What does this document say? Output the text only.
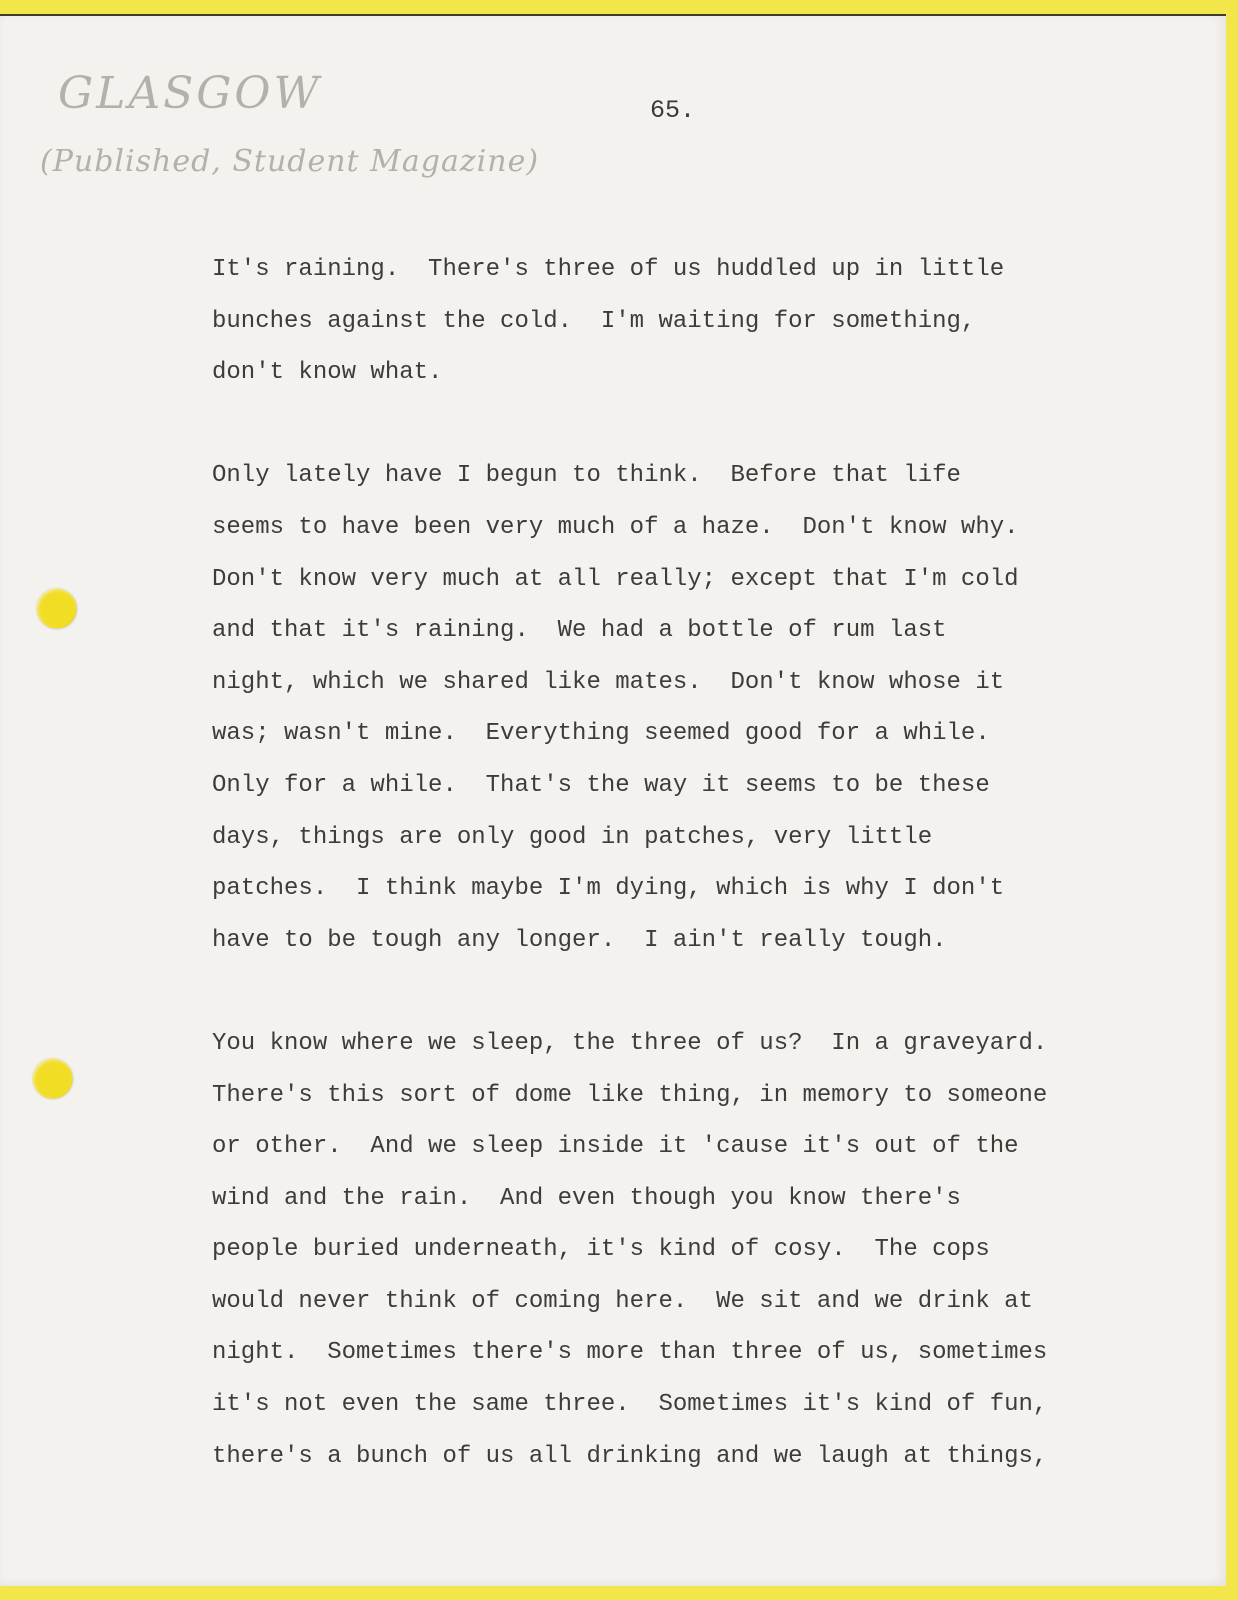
GLASGOW
(Published, Student Magazine)
65.
It's raining.  There's three of us huddled up in little
bunches against the cold.  I'm waiting for something,
don't know what.
Only lately have I begun to think.  Before that life
seems to have been very much of a haze.  Don't know why.
Don't know very much at all really; except that I'm cold
and that it's raining.  We had a bottle of rum last
night, which we shared like mates.  Don't know whose it
was; wasn't mine.  Everything seemed good for a while.
Only for a while.  That's the way it seems to be these
days, things are only good in patches, very little
patches.  I think maybe I'm dying, which is why I don't
have to be tough any longer.  I ain't really tough.
You know where we sleep, the three of us?  In a graveyard.
There's this sort of dome like thing, in memory to someone
or other.  And we sleep inside it 'cause it's out of the
wind and the rain.  And even though you know there's
people buried underneath, it's kind of cosy.  The cops
would never think of coming here.  We sit and we drink at
night.  Sometimes there's more than three of us, sometimes
it's not even the same three.  Sometimes it's kind of fun,
there's a bunch of us all drinking and we laugh at things,
